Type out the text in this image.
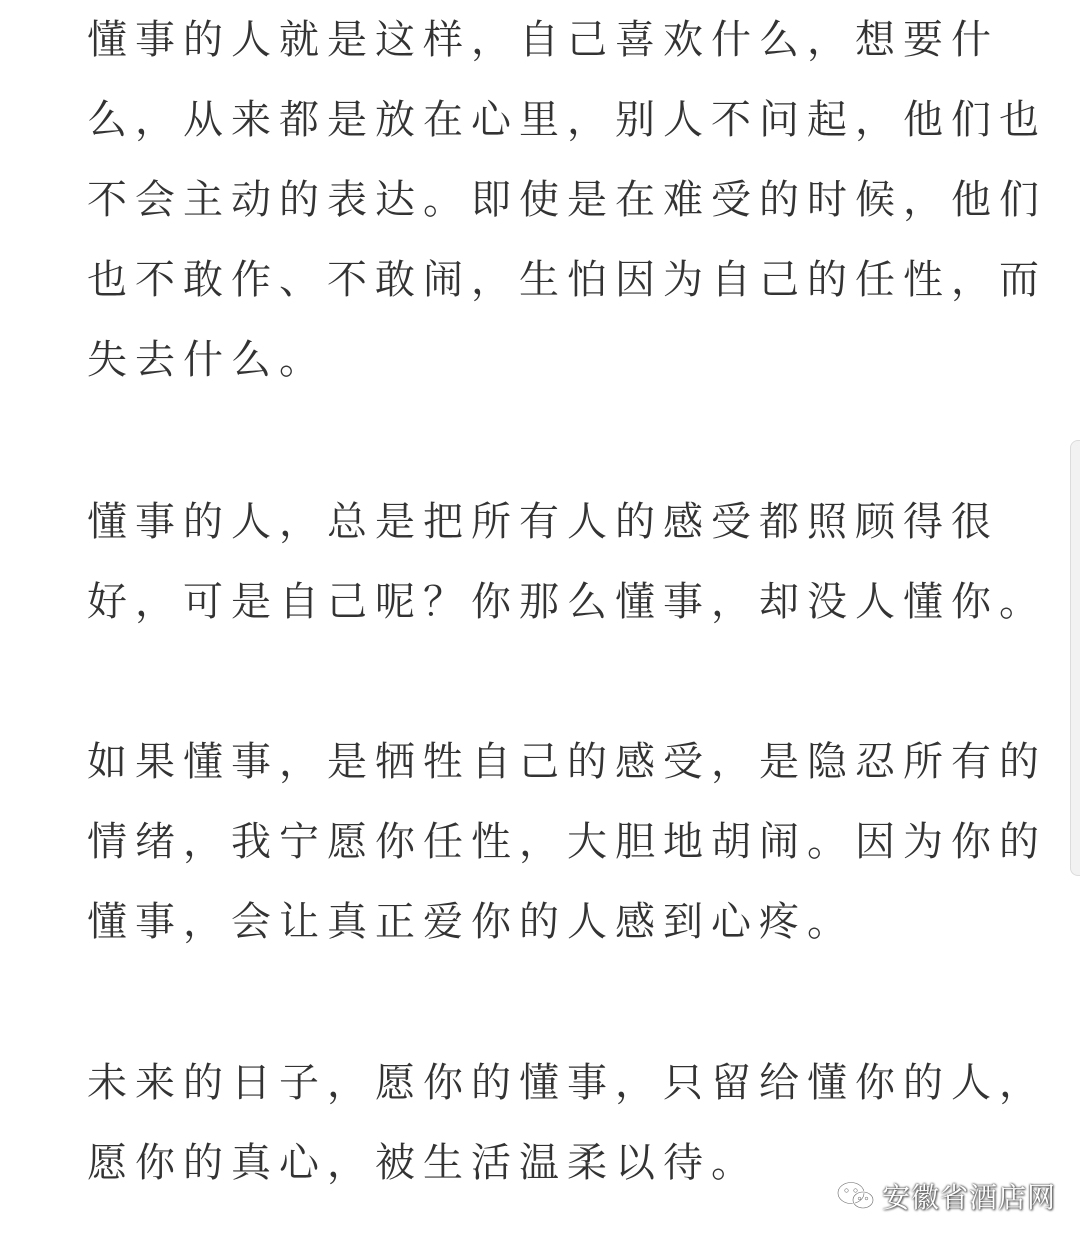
懂事的人就是这样，自己喜欢什么，想要什
么，从来都是放在心里，别人不问起，他们也
不会主动的表达。即使是在难受的时候，他们
也不敢作、不敢闹，生怕因为自己的任性，而
失去什么。
懂事的人，总是把所有人的感受都照顾得很
好，可是自己呢？你那么懂事，却没人懂你。
如果懂事，是牺牲自己的感受，是隐忍所有的
情绪，我宁愿你任性，大胆地胡闹。因为你的
懂事，会让真正爱你的人感到心疼。
未来的日子，愿你的懂事，只留给懂你的人，
愿你的真心，被生活温柔以待。
安徽省酒店网
